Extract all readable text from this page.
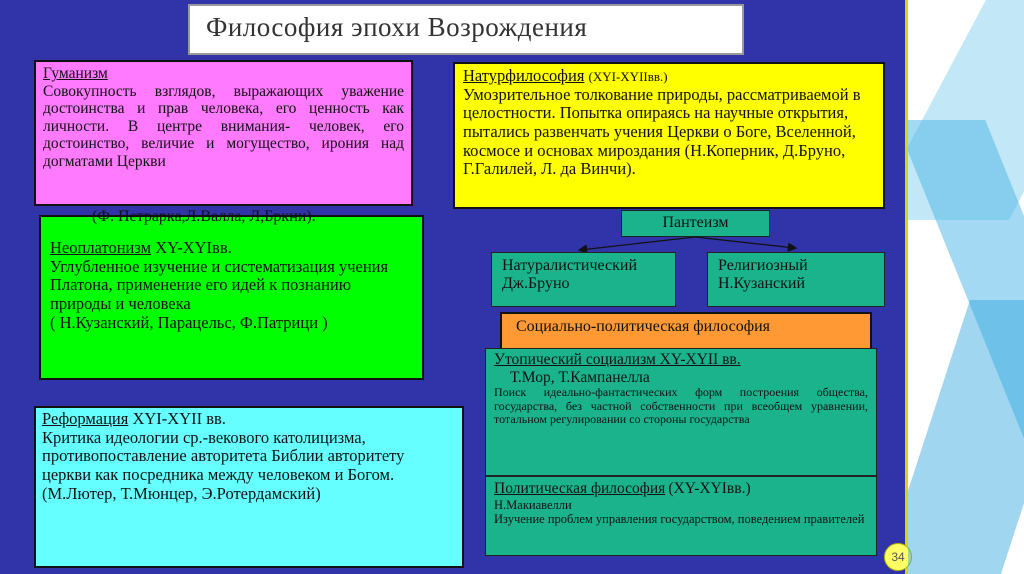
Философия эпохи Возрождения
Гуманизм
Совокупность взглядов, выражающих уважение достоинства и прав человека, его ценность как личности. В центре внимания- человек, его достоинство, величие и могущество, ирония над догматами Церкви
Натурфилософия (XYI-XYIIвв.)
Умозрительное толкование природы, рассматриваемой в целостности. Попытка опираясь на научные открытия, пытались развенчать учения Церкви о Боге, Вселенной, космосе и основах мироздания (Н.Коперник, Д.Бруно, Г.Галилей, Л. да Винчи).
Неоплатонизм XY-XYIвв.
Углубленное изучение и систематизация учения Платона, применение его идей к познанию природы и человека
( Н.Кузанский, Парацельс, Ф.Патрици )
(Ф. Петрарка,Л.Валла, Л,Бркни).	Пантеизм
Натуралистический
Дж.Бруно
Религиозный
Н.Кузанский
Социально-политическая философия
Утопический социализм XY-XYII вв.
Т.Мор, Т.Кампанелла
Поиск идеально-фантастических форм построения общества, государства, без частной собственности при всеобщем уравнении, тотальном регулировании со стороны государства
Политическая философия (XY-XYIвв.)
Н.Макиавелли
Изучение проблем управления государством, поведением правителей
Реформация XYI-XYII вв.
Критика идеологии ср.-векового католицизма, противопоставление авторитета Библии авторитету церкви как посредника между человеком и Богом.
(М.Лютер, Т.Мюнцер, Э.Ротердамский)
34
